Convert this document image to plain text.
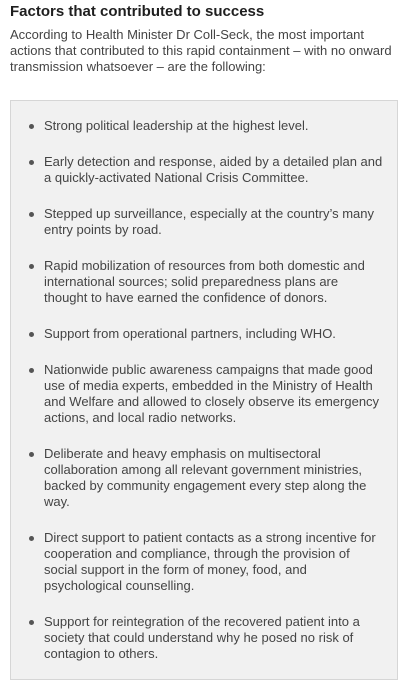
Factors that contributed to success

According to Health Minister Dr Coll-Seck, the most important actions that contributed to this rapid containment – with no onward transmission whatsoever – are the following:

Strong political leadership at the highest level.
Early detection and response, aided by a detailed plan and a quickly-activated National Crisis Committee.
Stepped up surveillance, especially at the country’s many entry points by road.
Rapid mobilization of resources from both domestic and international sources; solid preparedness plans are thought to have earned the confidence of donors.
Support from operational partners, including WHO.
Nationwide public awareness campaigns that made good use of media experts, embedded in the Ministry of Health and Welfare and allowed to closely observe its emergency actions, and local radio networks.
Deliberate and heavy emphasis on multisectoral collaboration among all relevant government ministries, backed by community engagement every step along the way.
Direct support to patient contacts as a strong incentive for cooperation and compliance, through the provision of social support in the form of money, food, and psychological counselling.
Support for reintegration of the recovered patient into a society that could understand why he posed no risk of contagion to others.
